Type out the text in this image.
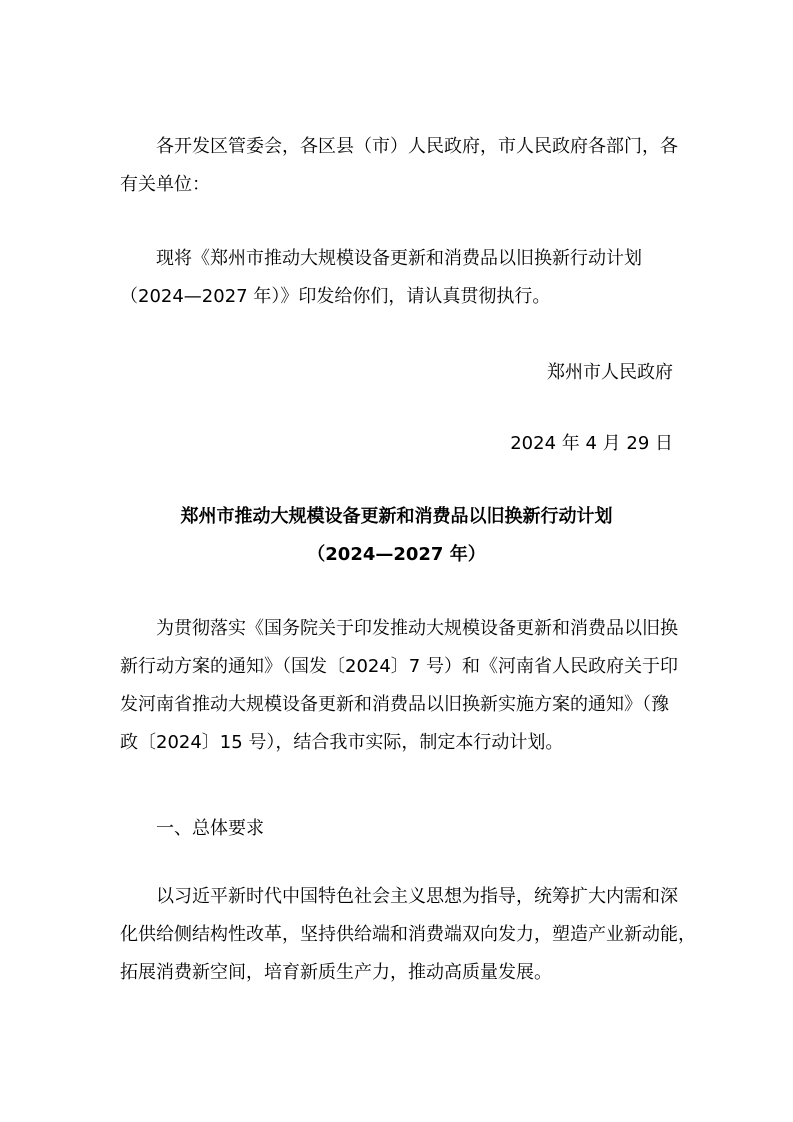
各开发区管委会，各区县（市）人民政府，市人民政府各部门，各
有关单位：
现将《郑州市推动大规模设备更新和消费品以旧换新行动计划
（2024—2027 年）》印发给你们，请认真贯彻执行。
郑州市人民政府
2024 年 4 月 29 日
郑州市推动大规模设备更新和消费品以旧换新行动计划
（2024—2027 年）
为贯彻落实《国务院关于印发推动大规模设备更新和消费品以旧换
新行动方案的通知》（国发〔2024〕7 号）和《河南省人民政府关于印
发河南省推动大规模设备更新和消费品以旧换新实施方案的通知》（豫
政〔2024〕15 号），结合我市实际，制定本行动计划。
一、总体要求
以习近平新时代中国特色社会主义思想为指导，统筹扩大内需和深
化供给侧结构性改革，坚持供给端和消费端双向发力，塑造产业新动能，
拓展消费新空间，培育新质生产力，推动高质量发展。
